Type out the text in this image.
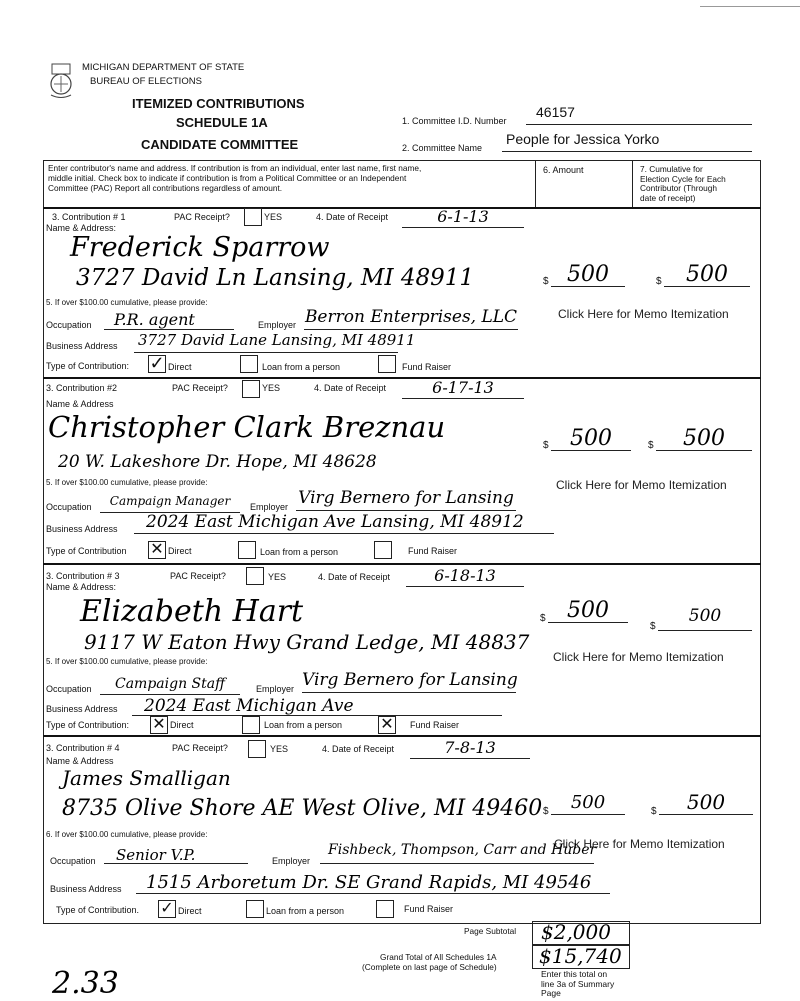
MICHIGAN DEPARTMENT OF STATE
BUREAU OF ELECTIONS
ITEMIZED CONTRIBUTIONS
SCHEDULE 1A
CANDIDATE COMMITTEE
1. Committee I.D. Number
46157
2. Committee Name
People for Jessica Yorko
Enter contributor's name and address. If contribution is from an individual, enter last name, first name,
middle initial. Check box to indicate if contribution is from a Political Committee or an Independent
Committee (PAC) Report all contributions regardless of amount.
6. Amount	7. Cumulative for
Election Cycle for Each
Contributor (Through
date of receipt)
3. Contribution # 1	PAC Receipt?	YES	4. Date of Receipt	6-1-13
Name & Address:
Frederick Sparrow
3727 David Ln Lansing, MI 48911	$ 500	$	500
5. If over $100.00 cumulative, please provide:
Occupation	P.R. agent	Employer Berron Enterprises, LLC	Click Here for Memo Itemization
Business Address 3727 David Lane Lansing, MI 48911
Type of Contribution: ✓ Direct	Loan from a person	Fund Raiser
3. Contribution #2	PAC Receipt?	YES	4. Date of Receipt	6-17-13
Name & Address
Christopher Clark Breznau
20 W. Lakeshore Dr. Hope, MI 48628
$ 500	$	500
5. If over $100.00 cumulative, please provide:	Click Here for Memo Itemization
Occupation	Campaign Manager	Employer Virg Bernero for Lansing
Business Address	2024 East Michigan Ave Lansing, MI 48912
Type of Contribution ✕ Direct	Loan from a person	Fund Raiser
3. Contribution # 3	PAC Receipt?	YES	4. Date of Receipt	6-18-13
Name & Address:
Elizabeth Hart
9117 W Eaton Hwy Grand Ledge, MI 48837
$ 500
$
500
5. If over $100.00 cumulative, please provide:	Click Here for Memo Itemization
Occupation	Campaign Staff	Employer Virg Bernero for Lansing
Business Address	2024 East Michigan Ave
Type of Contribution: ✕ Direct	Loan from a person ✕ Fund Raiser
3. Contribution # 4	PAC Receipt?	YES	4. Date of Receipt	7-8-13
Name & Address
James Smalligan
8735 Olive Shore AE West Olive, MI 49460 $	500	$	500
6. If over $100.00 cumulative, please provide:
Click Here for Memo Itemization
Occupation	Senior V.P.	Employer
Fishbeck, Thompson, Carr and Huber
Business Address	1515 Arboretum Dr. SE Grand Rapids, MI 49546
Type of Contribution. ✓ Direct	Loan from a person	Fund Raiser
Page Subtotal $2,000
Grand Total of All Schedules 1A
(Complete on last page of Schedule) $15,740
Enter this total on
line 3a of Summary
Page
2.33
